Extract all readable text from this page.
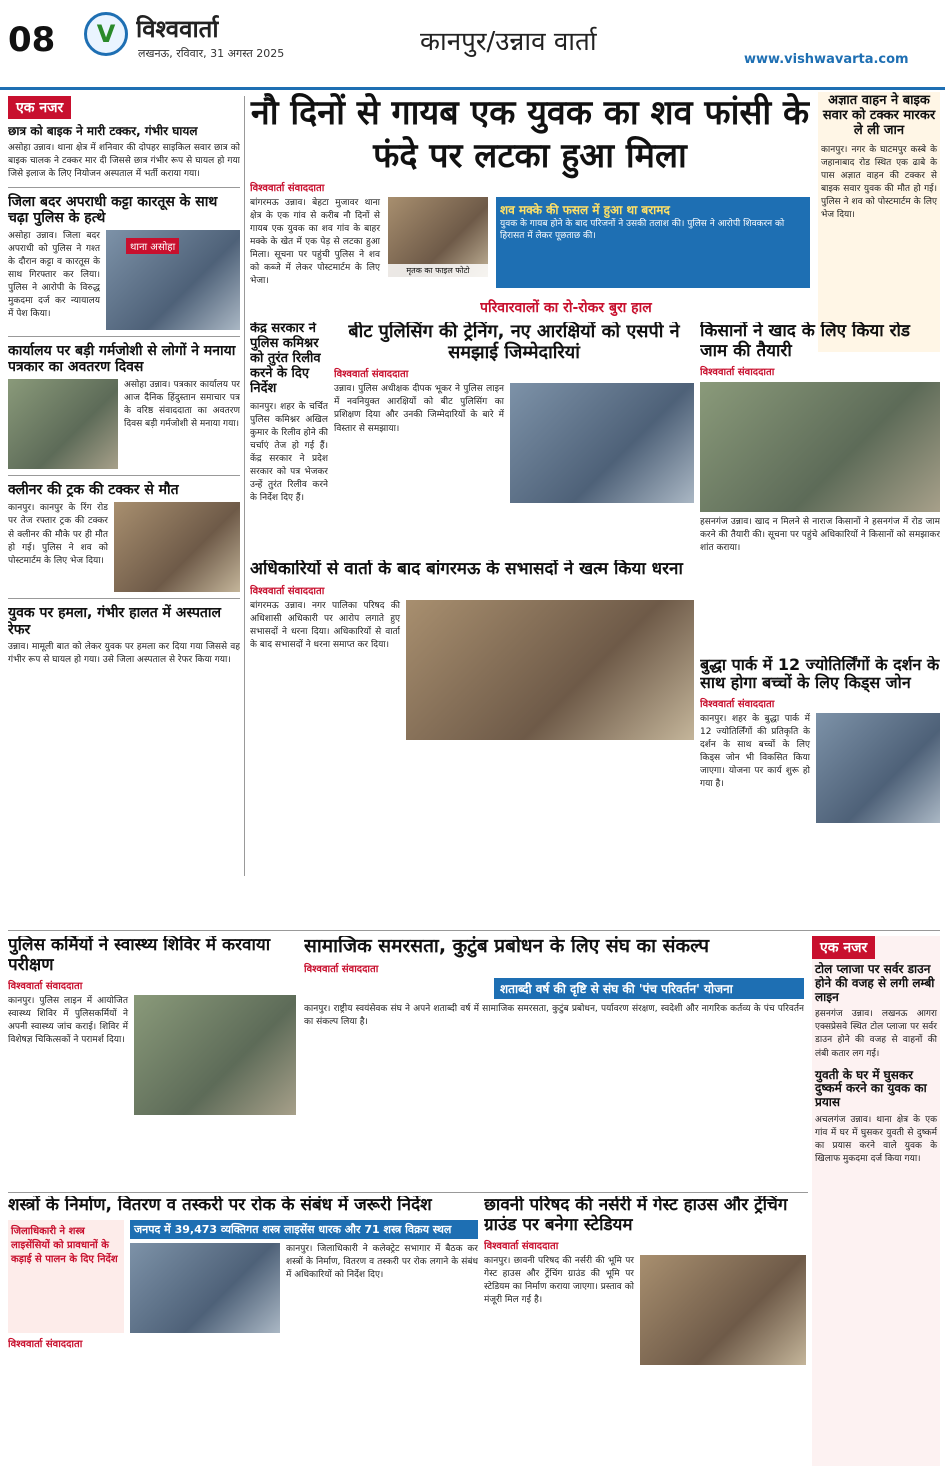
08	V विश्ववार्ता
लखनऊ, रविवार, 31 अगस्त 2025	कानपुर/उन्नाव वार्ता
www.vishwavarta.com
एक नजर
छात्र को बाइक ने मारी टक्कर, गंभीर घायल
असोहा उन्नाव। थाना क्षेत्र में शनिवार की दोपहर साइकिल सवार छात्र को बाइक चालक ने टक्कर मार दी जिससे छात्र गंभीर रूप से घायल हो गया जिसे इलाज के लिए नियोजन अस्पताल में भर्ती कराया गया।
जिला बदर अपराधी कट्टा कारतूस के साथ चढ़ा पुलिस के हत्थे
असोहा उन्नाव। जिला बदर अपराधी को पुलिस ने गश्त के दौरान कट्टा व कारतूस के साथ गिरफ्तार कर लिया। पुलिस ने आरोपी के विरुद्ध मुकदमा दर्ज कर न्यायालय में पेश किया।
थाना असोहा
कार्यालय पर बड़ी गर्मजोशी से लोगों ने मनाया पत्रकार का अवतरण दिवस
असोहा उन्नाव। पत्रकार कार्यालय पर आज दैनिक हिंदुस्तान समाचार पत्र के वरिष्ठ संवाददाता का अवतरण दिवस बड़ी गर्मजोशी से मनाया गया।
क्लीनर की ट्रक की टक्कर से मौत
कानपुर। कानपुर के रिंग रोड पर तेज रफ्तार ट्रक की टक्कर से क्लीनर की मौके पर ही मौत हो गई। पुलिस ने शव को पोस्टमार्टम के लिए भेज दिया।
युवक पर हमला, गंभीर हालत में अस्पताल रेफर
उन्नाव। मामूली बात को लेकर युवक पर हमला कर दिया गया जिससे वह गंभीर रूप से घायल हो गया। उसे जिला अस्पताल से रेफर किया गया।
नौ दिनों से गायब एक युवक का शव फांसी के फंदे पर लटका हुआ मिला
विश्ववार्ता संवाददाता
बांगरमऊ उन्नाव। बेहटा मुजावर थाना क्षेत्र के एक गांव से करीब नौ दिनों से गायब एक युवक का शव गांव के बाहर मक्के के खेत में एक पेड़ से लटका हुआ मिला। सूचना पर पहुंची पुलिस ने शव को कब्जे में लेकर पोस्टमार्टम के लिए भेजा।
मृतक का फाइल फोटो
शव मक्के की फसल में हुआ था बरामद
युवक के गायब होने के बाद परिजनों ने उसकी तलाश की। पुलिस ने आरोपी शिवकरन को हिरासत में लेकर पूछताछ की।
परिवारवालों का रो-रोकर बुरा हाल
अज्ञात वाहन ने बाइक सवार को टक्कर मारकर ले ली जान
कानपुर। नगर के घाटमपुर कस्बे के जहानाबाद रोड स्थित एक ढाबे के पास अज्ञात वाहन की टक्कर से बाइक सवार युवक की मौत हो गई। पुलिस ने शव को पोस्टमार्टम के लिए भेज दिया।
केंद्र सरकार ने पुलिस कमिश्नर को तुरंत रिलीव करने के दिए निर्देश
कानपुर। शहर के चर्चित पुलिस कमिश्नर अखिल कुमार के रिलीव होने की चर्चाएं तेज हो गई हैं। केंद्र सरकार ने प्रदेश सरकार को पत्र भेजकर उन्हें तुरंत रिलीव करने के निर्देश दिए हैं।
बीट पुलिसिंग की ट्रेनिंग, नए आरक्षियों को एसपी ने समझाई जिम्मेदारियां
विश्ववार्ता संवाददाता
उन्नाव। पुलिस अधीक्षक दीपक भूकर ने पुलिस लाइन में नवनियुक्त आरक्षियों को बीट पुलिसिंग का प्रशिक्षण दिया और उनकी जिम्मेदारियों के बारे में विस्तार से समझाया।
किसानों ने खाद के लिए किया रोड जाम की तैयारी
विश्ववार्ता संवाददाता
हसनगंज उन्नाव। खाद न मिलने से नाराज किसानों ने हसनगंज में रोड जाम करने की तैयारी की। सूचना पर पहुंचे अधिकारियों ने किसानों को समझाकर शांत कराया।
बुद्धा पार्क में 12 ज्योतिर्लिंगों के दर्शन के साथ होगा बच्चों के लिए किड्स जोन
विश्ववार्ता संवाददाता
कानपुर। शहर के बुद्धा पार्क में 12 ज्योतिर्लिंगों की प्रतिकृति के दर्शन के साथ बच्चों के लिए किड्स जोन भी विकसित किया जाएगा। योजना पर कार्य शुरू हो गया है।
अधिकारियों से वार्ता के बाद बांगरमऊ के सभासदों ने खत्म किया धरना
विश्ववार्ता संवाददाता
बांगरमऊ उन्नाव। नगर पालिका परिषद की अधिशासी अधिकारी पर आरोप लगाते हुए सभासदों ने धरना दिया। अधिकारियों से वार्ता के बाद सभासदों ने धरना समाप्त कर दिया।
पुलिस कर्मियों ने स्वास्थ्य शिविर में करवाया परीक्षण
विश्ववार्ता संवाददाता
कानपुर। पुलिस लाइन में आयोजित स्वास्थ्य शिविर में पुलिसकर्मियों ने अपनी स्वास्थ्य जांच कराई। शिविर में विशेषज्ञ चिकित्सकों ने परामर्श दिया।
सामाजिक समरसता, कुटुंब प्रबोधन के लिए संघ का संकल्प
विश्ववार्ता संवाददाता
शताब्दी वर्ष की दृष्टि से संघ की 'पंच परिवर्तन' योजना
कानपुर। राष्ट्रीय स्वयंसेवक संघ ने अपने शताब्दी वर्ष में सामाजिक समरसता, कुटुंब प्रबोधन, पर्यावरण संरक्षण, स्वदेशी और नागरिक कर्तव्य के पंच परिवर्तन का संकल्प लिया है।
एक नजर
टोल प्लाजा पर सर्वर डाउन होने की वजह से लगी लम्बी लाइन
हसनगंज उन्नाव। लखनऊ आगरा एक्सप्रेसवे स्थित टोल प्लाजा पर सर्वर डाउन होने की वजह से वाहनों की लंबी कतार लग गई।
युवती के घर में घुसकर दुष्कर्म करने का युवक का प्रयास
अचलगंज उन्नाव। थाना क्षेत्र के एक गांव में घर में घुसकर युवती से दुष्कर्म का प्रयास करने वाले युवक के खिलाफ मुकदमा दर्ज किया गया।
शस्त्रों के निर्माण, वितरण व तस्करी पर रोक के संबंध में जरूरी निर्देश
जिलाधिकारी ने शस्त्र लाइसेंसियों को प्रावधानों के कड़ाई से पालन के दिए निर्देश
जनपद में 39,473 व्यक्तिगत शस्त्र लाइसेंस धारक और 71 शस्त्र विक्रय स्थल
कानपुर। जिलाधिकारी ने कलेक्ट्रेट सभागार में बैठक कर शस्त्रों के निर्माण, वितरण व तस्करी पर रोक लगाने के संबंध में अधिकारियों को निर्देश दिए।
विश्ववार्ता संवाददाता
छावनी परिषद की नर्सरी में गेस्ट हाउस और ट्रेंचिंग ग्राउंड पर बनेगा स्टेडियम
विश्ववार्ता संवाददाता
कानपुर। छावनी परिषद की नर्सरी की भूमि पर गेस्ट हाउस और ट्रेंचिंग ग्राउंड की भूमि पर स्टेडियम का निर्माण कराया जाएगा। प्रस्ताव को मंजूरी मिल गई है।
